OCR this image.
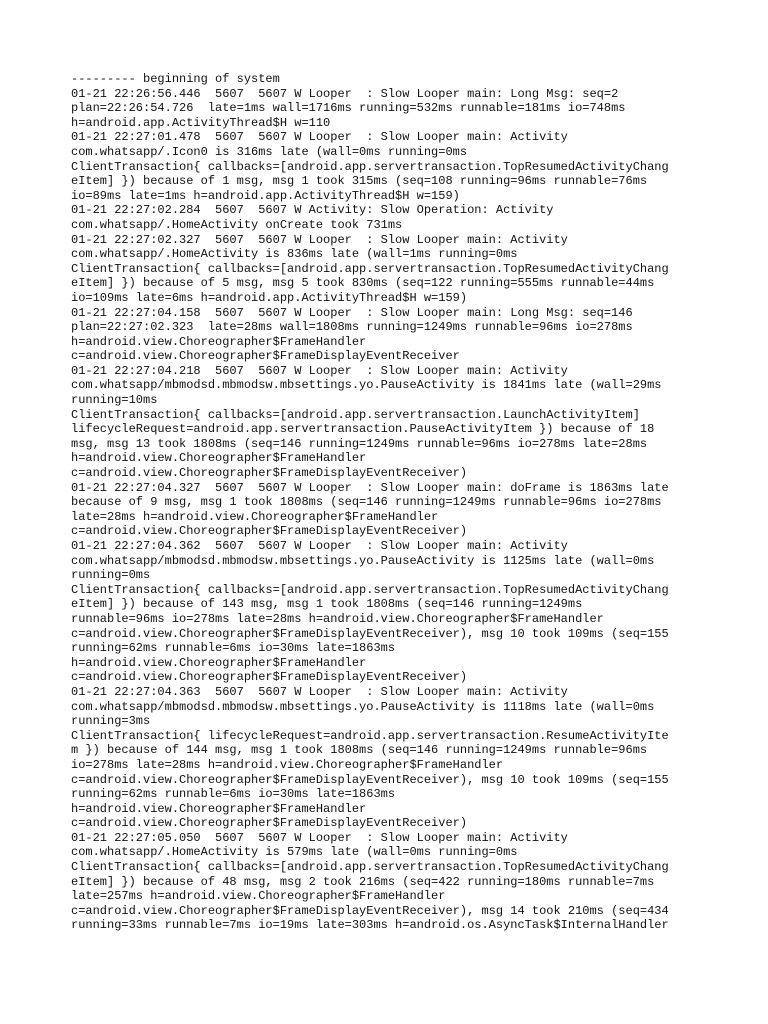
--------- beginning of system
01-21 22:26:56.446  5607  5607 W Looper  : Slow Looper main: Long Msg: seq=2
plan=22:26:54.726  late=1ms wall=1716ms running=532ms runnable=181ms io=748ms
h=android.app.ActivityThread$H w=110
01-21 22:27:01.478  5607  5607 W Looper  : Slow Looper main: Activity
com.whatsapp/.Icon0 is 316ms late (wall=0ms running=0ms
ClientTransaction{ callbacks=[android.app.servertransaction.TopResumedActivityChang
eItem] }) because of 1 msg, msg 1 took 315ms (seq=108 running=96ms runnable=76ms
io=89ms late=1ms h=android.app.ActivityThread$H w=159)
01-21 22:27:02.284  5607  5607 W Activity: Slow Operation: Activity
com.whatsapp/.HomeActivity onCreate took 731ms
01-21 22:27:02.327  5607  5607 W Looper  : Slow Looper main: Activity
com.whatsapp/.HomeActivity is 836ms late (wall=1ms running=0ms
ClientTransaction{ callbacks=[android.app.servertransaction.TopResumedActivityChang
eItem] }) because of 5 msg, msg 5 took 830ms (seq=122 running=555ms runnable=44ms
io=109ms late=6ms h=android.app.ActivityThread$H w=159)
01-21 22:27:04.158  5607  5607 W Looper  : Slow Looper main: Long Msg: seq=146
plan=22:27:02.323  late=28ms wall=1808ms running=1249ms runnable=96ms io=278ms
h=android.view.Choreographer$FrameHandler
c=android.view.Choreographer$FrameDisplayEventReceiver
01-21 22:27:04.218  5607  5607 W Looper  : Slow Looper main: Activity
com.whatsapp/mbmodsd.mbmodsw.mbsettings.yo.PauseActivity is 1841ms late (wall=29ms
running=10ms
ClientTransaction{ callbacks=[android.app.servertransaction.LaunchActivityItem]
lifecycleRequest=android.app.servertransaction.PauseActivityItem }) because of 18
msg, msg 13 took 1808ms (seq=146 running=1249ms runnable=96ms io=278ms late=28ms
h=android.view.Choreographer$FrameHandler
c=android.view.Choreographer$FrameDisplayEventReceiver)
01-21 22:27:04.327  5607  5607 W Looper  : Slow Looper main: doFrame is 1863ms late
because of 9 msg, msg 1 took 1808ms (seq=146 running=1249ms runnable=96ms io=278ms
late=28ms h=android.view.Choreographer$FrameHandler
c=android.view.Choreographer$FrameDisplayEventReceiver)
01-21 22:27:04.362  5607  5607 W Looper  : Slow Looper main: Activity
com.whatsapp/mbmodsd.mbmodsw.mbsettings.yo.PauseActivity is 1125ms late (wall=0ms
running=0ms
ClientTransaction{ callbacks=[android.app.servertransaction.TopResumedActivityChang
eItem] }) because of 143 msg, msg 1 took 1808ms (seq=146 running=1249ms
runnable=96ms io=278ms late=28ms h=android.view.Choreographer$FrameHandler
c=android.view.Choreographer$FrameDisplayEventReceiver), msg 10 took 109ms (seq=155
running=62ms runnable=6ms io=30ms late=1863ms
h=android.view.Choreographer$FrameHandler
c=android.view.Choreographer$FrameDisplayEventReceiver)
01-21 22:27:04.363  5607  5607 W Looper  : Slow Looper main: Activity
com.whatsapp/mbmodsd.mbmodsw.mbsettings.yo.PauseActivity is 1118ms late (wall=0ms
running=3ms
ClientTransaction{ lifecycleRequest=android.app.servertransaction.ResumeActivityIte
m }) because of 144 msg, msg 1 took 1808ms (seq=146 running=1249ms runnable=96ms
io=278ms late=28ms h=android.view.Choreographer$FrameHandler
c=android.view.Choreographer$FrameDisplayEventReceiver), msg 10 took 109ms (seq=155
running=62ms runnable=6ms io=30ms late=1863ms
h=android.view.Choreographer$FrameHandler
c=android.view.Choreographer$FrameDisplayEventReceiver)
01-21 22:27:05.050  5607  5607 W Looper  : Slow Looper main: Activity
com.whatsapp/.HomeActivity is 579ms late (wall=0ms running=0ms
ClientTransaction{ callbacks=[android.app.servertransaction.TopResumedActivityChang
eItem] }) because of 48 msg, msg 2 took 216ms (seq=422 running=180ms runnable=7ms
late=257ms h=android.view.Choreographer$FrameHandler
c=android.view.Choreographer$FrameDisplayEventReceiver), msg 14 took 210ms (seq=434
running=33ms runnable=7ms io=19ms late=303ms h=android.os.AsyncTask$InternalHandler
